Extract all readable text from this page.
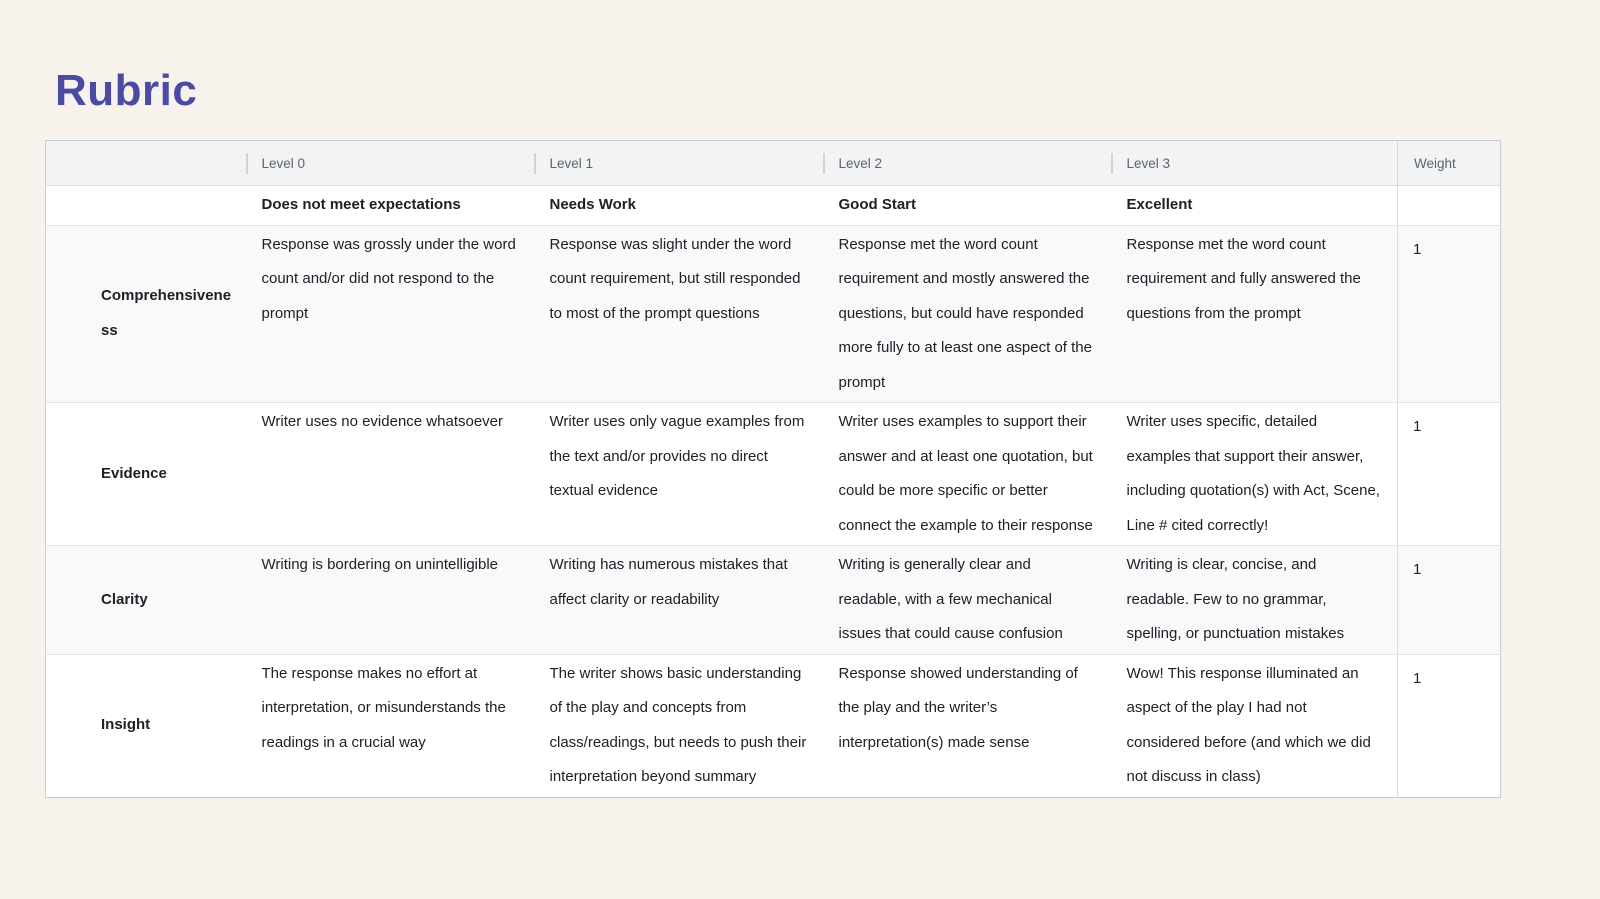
Rubric
	Level 0	Level 1	Level 2	Level 3	Weight
	Does not meet expectations	Needs Work	Good Start	Excellent	
Comprehensiveness	Response was grossly under the word count and/or did not respond to the prompt	Response was slight under the word count requirement, but still responded to most of the prompt questions	Response met the word count requirement and mostly answered the questions, but could have responded more fully to at least one aspect of the prompt	Response met the word count requirement and fully answered the questions from the prompt	1
Evidence	Writer uses no evidence whatsoever	Writer uses only vague examples from the text and/or provides no direct textual evidence	Writer uses examples to support their answer and at least one quotation, but could be more specific or better connect the example to their response	Writer uses specific, detailed examples that support their answer, including quotation(s) with Act, Scene, Line # cited correctly!	1
Clarity	Writing is bordering on unintelligible	Writing has numerous mistakes that affect clarity or readability	Writing is generally clear and readable, with a few mechanical issues that could cause confusion	Writing is clear, concise, and readable. Few to no grammar, spelling, or punctuation mistakes	1
Insight	The response makes no effort at interpretation, or misunderstands the readings in a crucial way	The writer shows basic understanding of the play and concepts from class/readings, but needs to push their interpretation beyond summary	Response showed understanding of the play and the writer’s interpretation(s) made sense	Wow! This response illuminated an aspect of the play I had not considered before (and which we did not discuss in class)	1
